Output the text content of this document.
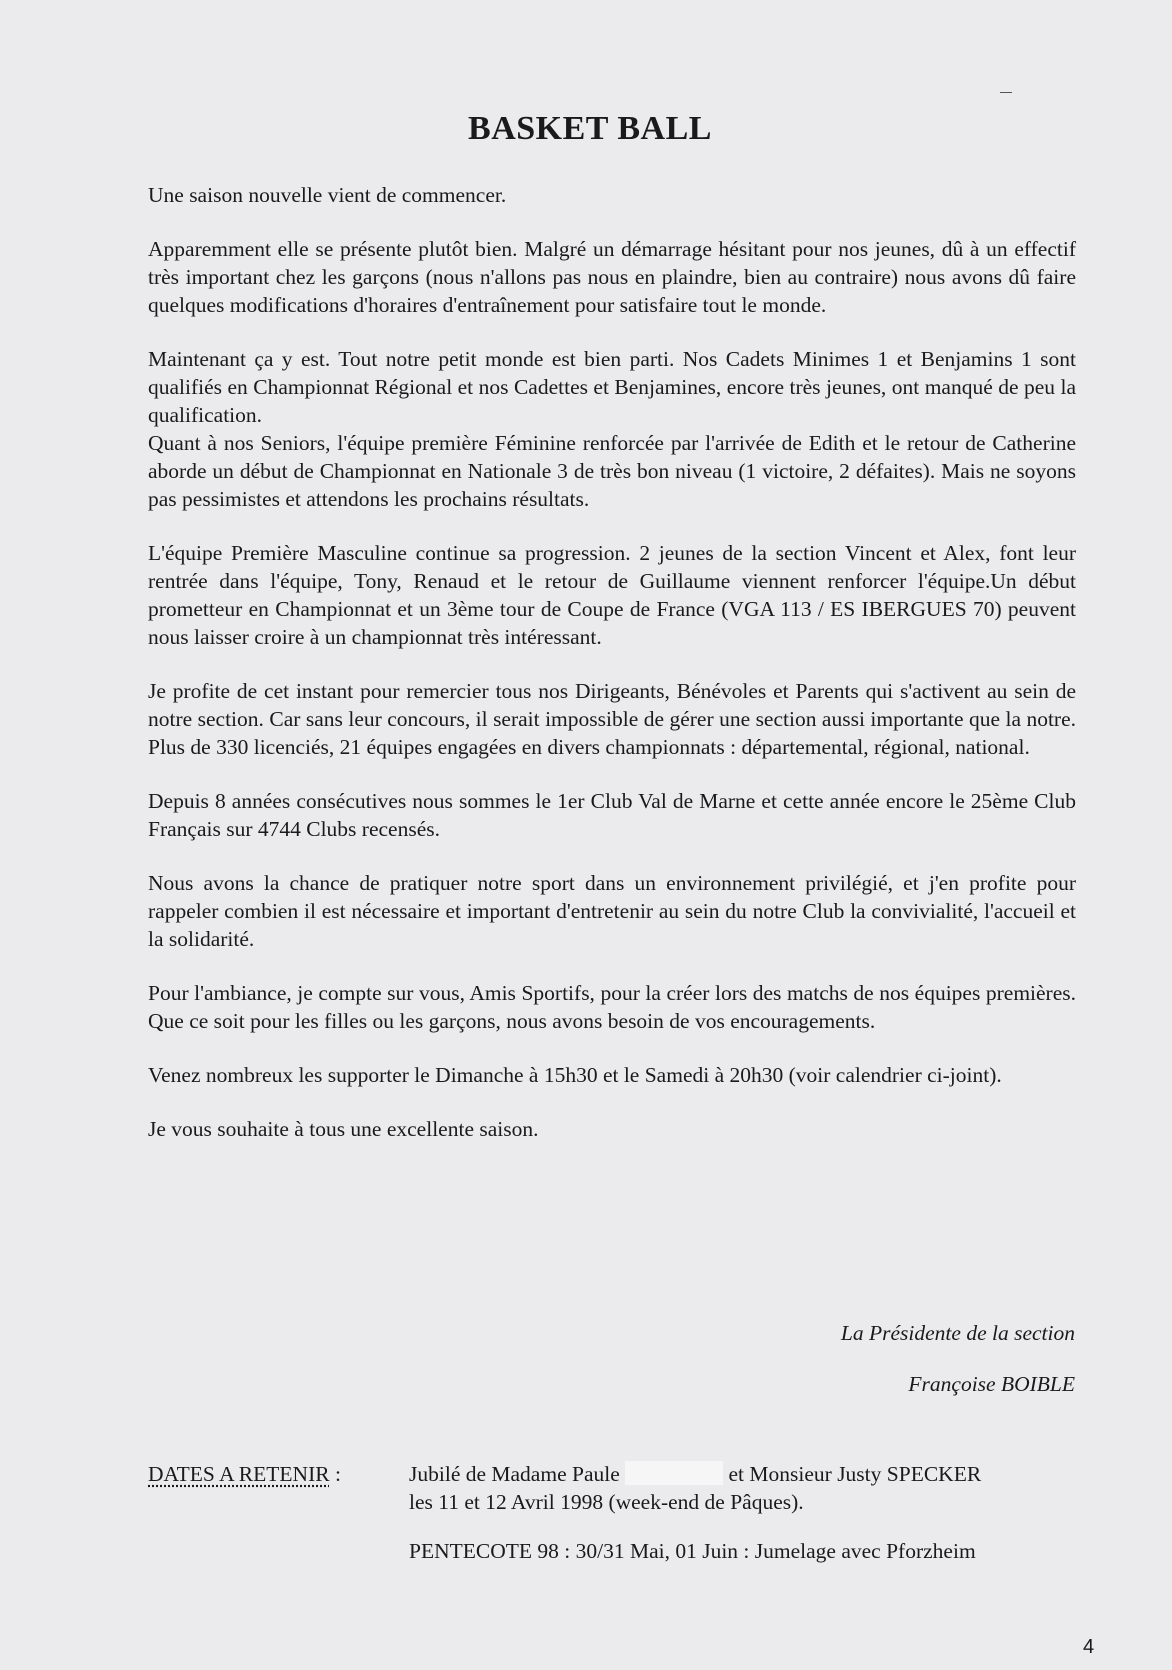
BASKET BALL

Une saison nouvelle vient de commencer.

Apparemment elle se présente plutôt bien. Malgré un démarrage hésitant pour nos jeunes, dû à un effectif très important chez les garçons (nous n'allons pas nous en plaindre, bien au contraire) nous avons dû faire quelques modifications d'horaires d'entraînement pour satisfaire tout le monde.

Maintenant ça y est. Tout notre petit monde est bien parti. Nos Cadets Minimes 1 et Benjamins 1 sont qualifiés en Championnat Régional et nos Cadettes et Benjamines, encore très jeunes, ont manqué de peu la qualification.

Quant à nos Seniors, l'équipe première Féminine renforcée par l'arrivée de Edith et le retour de Catherine aborde un début de Championnat en Nationale 3 de très bon niveau (1 victoire, 2 défaites). Mais ne soyons pas pessimistes et attendons les prochains résultats.

L'équipe Première Masculine continue sa progression. 2 jeunes de la section Vincent et Alex, font leur rentrée dans l'équipe, Tony, Renaud et le retour de Guillaume viennent renforcer l'équipe.Un début prometteur en Championnat et un 3ème tour de Coupe de France (VGA 113 / ES IBERGUES 70) peuvent nous laisser croire à un championnat très intéressant.

Je profite de cet instant pour remercier tous nos Dirigeants, Bénévoles et Parents qui s'activent au sein de notre section. Car sans leur concours, il serait impossible de gérer une section aussi importante que la notre. Plus de 330 licenciés, 21 équipes engagées en divers championnats : départemental, régional, national.

Depuis 8 années consécutives nous sommes le 1er Club Val de Marne et cette année encore le 25ème Club Français sur 4744 Clubs recensés.

Nous avons la chance de pratiquer notre sport dans un environnement privilégié, et j'en profite pour rappeler combien il est nécessaire et important d'entretenir au sein du notre Club la convivialité, l'accueil et la solidarité.

Pour l'ambiance, je compte sur vous, Amis Sportifs, pour la créer lors des matchs de nos équipes premières. Que ce soit pour les filles ou les garçons, nous avons besoin de vos encouragements.

Venez nombreux les supporter le Dimanche à 15h30 et le Samedi à 20h30 (voir calendrier ci-joint).

Je vous souhaite à tous une excellente saison.

La Présidente de la section
Françoise BOIBLE
DATES A RETENIR :	Jubilé de Madame Paule	et Monsieur Justy SPECKER

les 11 et 12 Avril 1998 (week-end de Pâques).

PENTECOTE 98 : 30/31 Mai, 01 Juin : Jumelage avec Pforzheim

4
